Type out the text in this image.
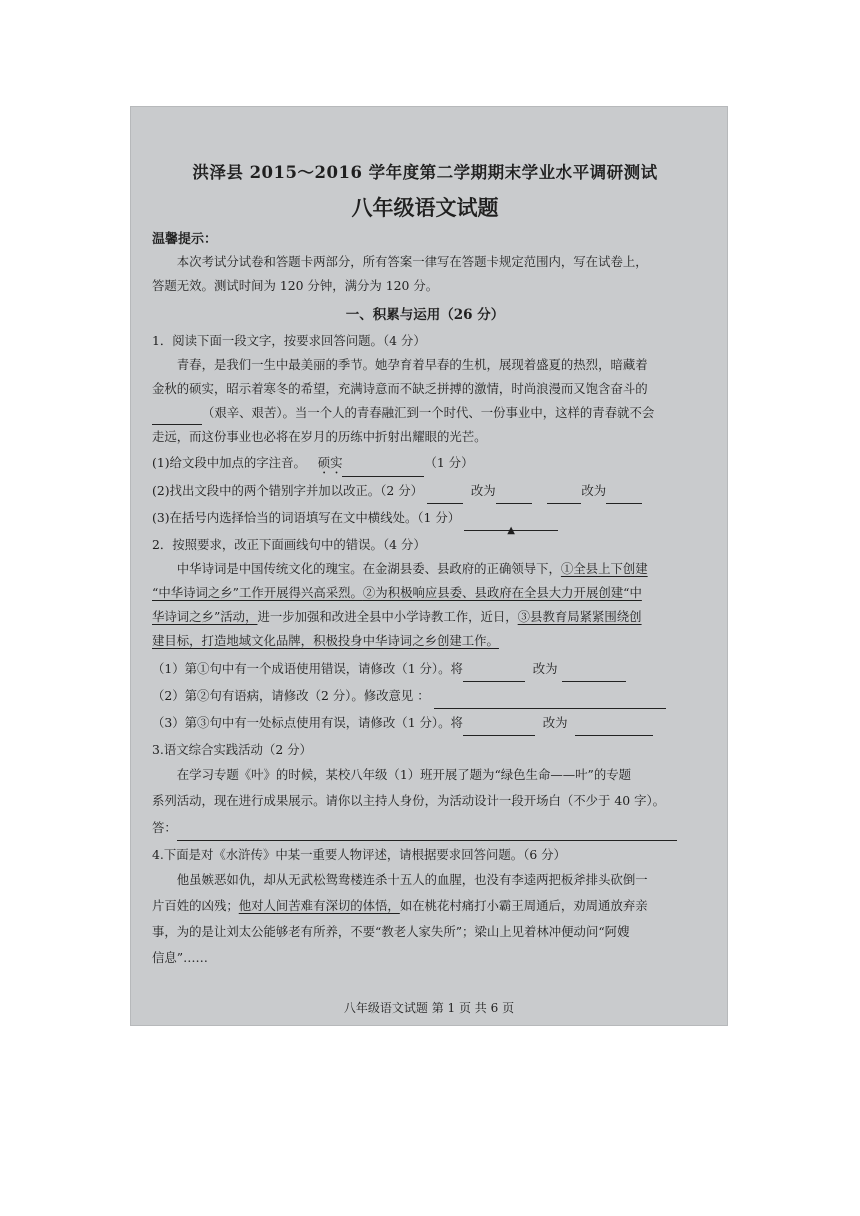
洪泽县 2015～2016 学年度第二学期期末学业水平调研测试
八年级语文试题
温馨提示：

本次考试分试卷和答题卡两部分，所有答案一律写在答题卡规定范围内，写在试卷上，

答题无效。测试时间为 120 分钟，满分为 120 分。

一、积累与运用（26 分）

1．阅读下面一段文字，按要求回答问题。（4 分）

青春，是我们一生中最美丽的季节。她孕育着早春的生机，展现着盛夏的热烈，暗藏着

金秋的硕实，昭示着寒冬的希望，充满诗意而不缺乏拼搏的激情，时尚浪漫而又饱含奋斗的

（艰辛、艰苦）。当一个人的青春融汇到一个时代、一份事业中，这样的青春就不会

走远，而这份事业也必将在岁月的历练中折射出耀眼的光芒。

(1)给文段中加点的字注音。 硕实	（1 分）
(2)找出文段中的两个错别字并加以改正。（2 分）	改为	改为
(3)在括号内选择恰当的词语填写在文中横线处。（1 分） ▲

2．按照要求，改正下面画线句中的错误。（4 分）

中华诗词是中国传统文化的瑰宝。在金湖县委、县政府的正确领导下，①全县上下创建

“中华诗词之乡”工作开展得兴高采烈。②为积极响应县委、县政府在全县大力开展创建“中

华诗词之乡”活动，进一步加强和改进全县中小学诗教工作，近日，③县教育局紧紧围绕创

建目标，打造地域文化品牌，积极投身中华诗词之乡创建工作。

（1）第①句中有一个成语使用错误，请修改（1 分）。将	改为
（2）第②句有语病，请修改（2 分）。修改意见 ：
（3）第③句中有一处标点使用有误，请修改（1 分）。将	改为

3.语文综合实践活动（2 分）

在学习专题《叶》的时候，某校八年级（1）班开展了题为“绿色生命——叶”的专题

系列活动，现在进行成果展示。请你以主持人身份，为活动设计一段开场白（不少于 40 字）。

答：

4.下面是对《水浒传》中某一重要人物评述，请根据要求回答问题。（6 分）

他虽嫉恶如仇，却从无武松鸳鸯楼连杀十五人的血腥，也没有李逵两把板斧排头砍倒一

片百姓的凶残；他对人间苦难有深切的体悟，如在桃花村痛打小霸王周通后，劝周通放弃亲

事，为的是让刘太公能够老有所养，不要“教老人家失所”；梁山上见着林冲便动问“阿嫂

信息”……

八年级语文试题 第 1 页 共 6 页
